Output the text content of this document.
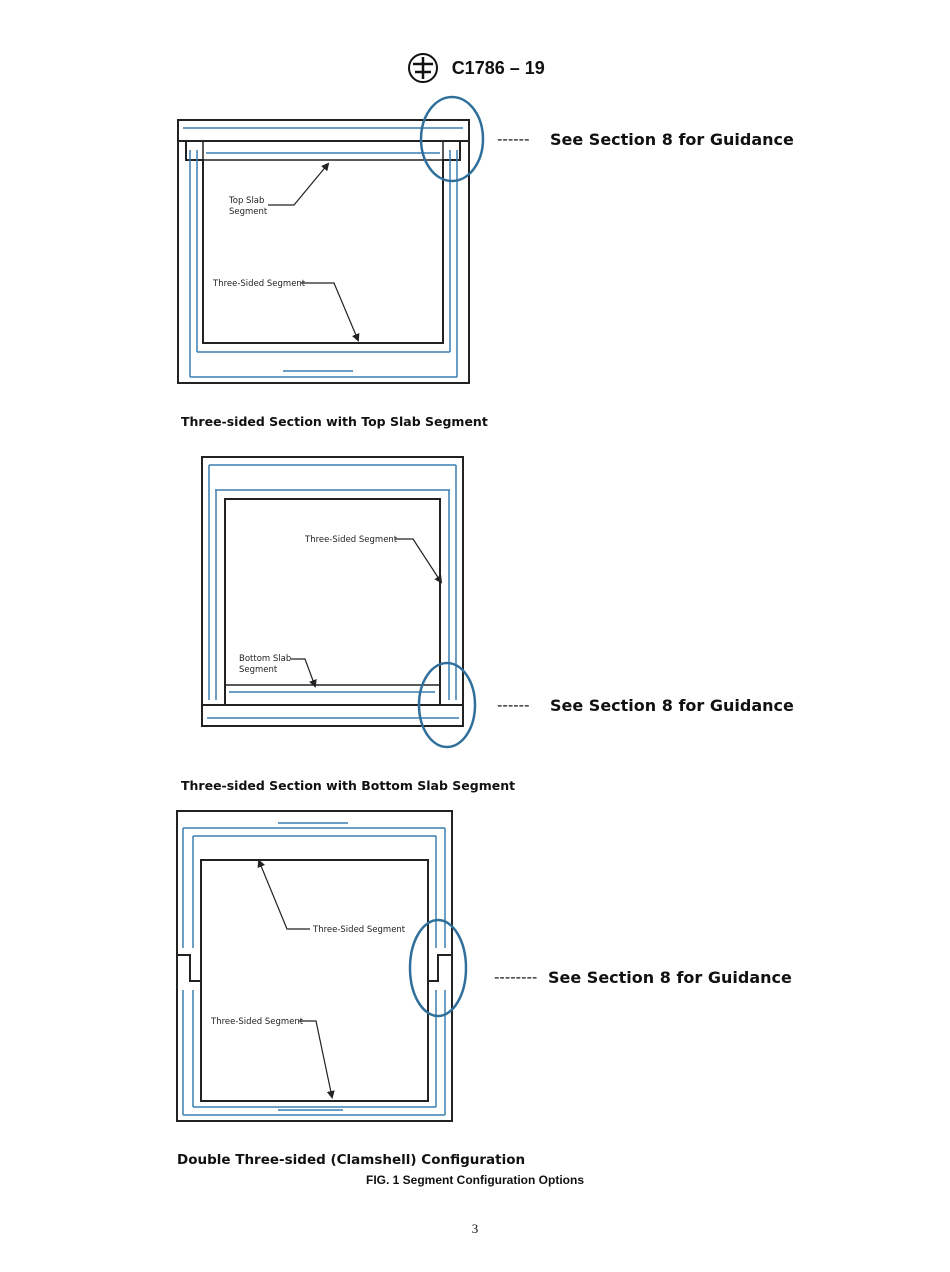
C1786 – 19
Top Slab
Segment
Three-Sided Segment
------ See Section 8 for Guidance
Three-Sided Segment
Bottom Slab
Segment
------ See Section 8 for Guidance
Three-Sided Segment
Three-Sided Segment
-------- See Section 8 for Guidance
Three-sided Section with Top Slab Segment
Three-sided Section with Bottom Slab Segment
Double Three-sided (Clamshell) Configuration
FIG. 1 Segment Configuration Options
3
